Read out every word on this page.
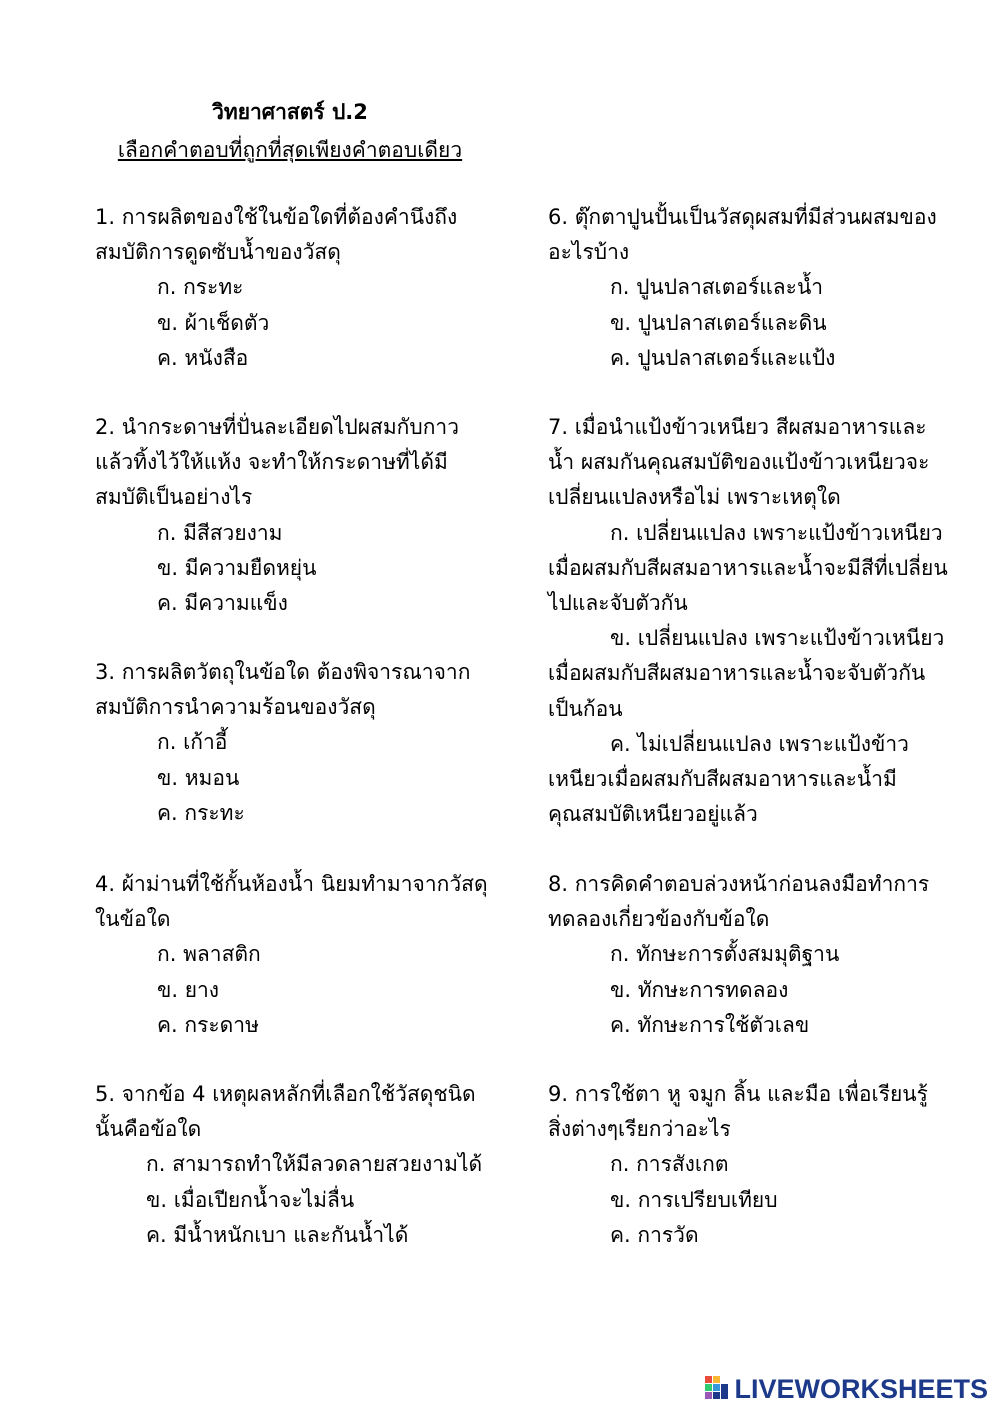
วิทยาศาสตร์ ป.2
เลือกคำตอบที่ถูกที่สุดเพียงคำตอบเดียว
1. การผลิตของใช้ในข้อใดที่ต้องคำนึงถึงสมบัติการดูดซับน้ำของวัสดุ
ก. กระทะ
ข. ผ้าเช็ดตัว
ค. หนังสือ
2. นำกระดาษที่ปั่นละเอียดไปผสมกับกาวแล้วทิ้งไว้ให้แห้ง จะทำให้กระดาษที่ได้มีสมบัติเป็นอย่างไร
ก. มีสีสวยงาม
ข. มีความยืดหยุ่น
ค. มีความแข็ง
3. การผลิตวัตถุในข้อใด ต้องพิจารณาจากสมบัติการนำความร้อนของวัสดุ
ก. เก้าอี้
ข. หมอน
ค. กระทะ
4. ผ้าม่านที่ใช้กั้นห้องน้ำ นิยมทำมาจากวัสดุในข้อใด
ก. พลาสติก
ข. ยาง
ค. กระดาษ
5. จากข้อ 4 เหตุผลหลักที่เลือกใช้วัสดุชนิดนั้นคือข้อใด
ก. สามารถทำให้มีลวดลายสวยงามได้
ข. เมื่อเปียกน้ำจะไม่ลื่น
ค. มีน้ำหนักเบา และกันน้ำได้
6. ตุ๊กตาปูนปั้นเป็นวัสดุผสมที่มีส่วนผสมของอะไรบ้าง
ก. ปูนปลาสเตอร์และน้ำ
ข. ปูนปลาสเตอร์และดิน
ค. ปูนปลาสเตอร์และแป้ง
7. เมื่อนำแป้งข้าวเหนียว สีผสมอาหารและน้ำ ผสมกันคุณสมบัติของแป้งข้าวเหนียวจะเปลี่ยนแปลงหรือไม่ เพราะเหตุใด
ก. เปลี่ยนแปลง เพราะแป้งข้าวเหนียวเมื่อผสมกับสีผสมอาหารและน้ำจะมีสีที่เปลี่ยนไปและจับตัวกัน
ข. เปลี่ยนแปลง เพราะแป้งข้าวเหนียวเมื่อผสมกับสีผสมอาหารและน้ำจะจับตัวกันเป็นก้อน
ค. ไม่เปลี่ยนแปลง เพราะแป้งข้าวเหนียวเมื่อผสมกับสีผสมอาหารและน้ำมีคุณสมบัติเหนียวอยู่แล้ว
8. การคิดคำตอบล่วงหน้าก่อนลงมือทำการทดลองเกี่ยวข้องกับข้อใด
ก. ทักษะการตั้งสมมุติฐาน
ข. ทักษะการทดลอง
ค. ทักษะการใช้ตัวเลข
9. การใช้ตา หู จมูก ลิ้น และมือ เพื่อเรียนรู้สิ่งต่างๆเรียกว่าอะไร
ก. การสังเกต
ข. การเปรียบเทียบ
ค. การวัด
LIVEWORKSHEETS
